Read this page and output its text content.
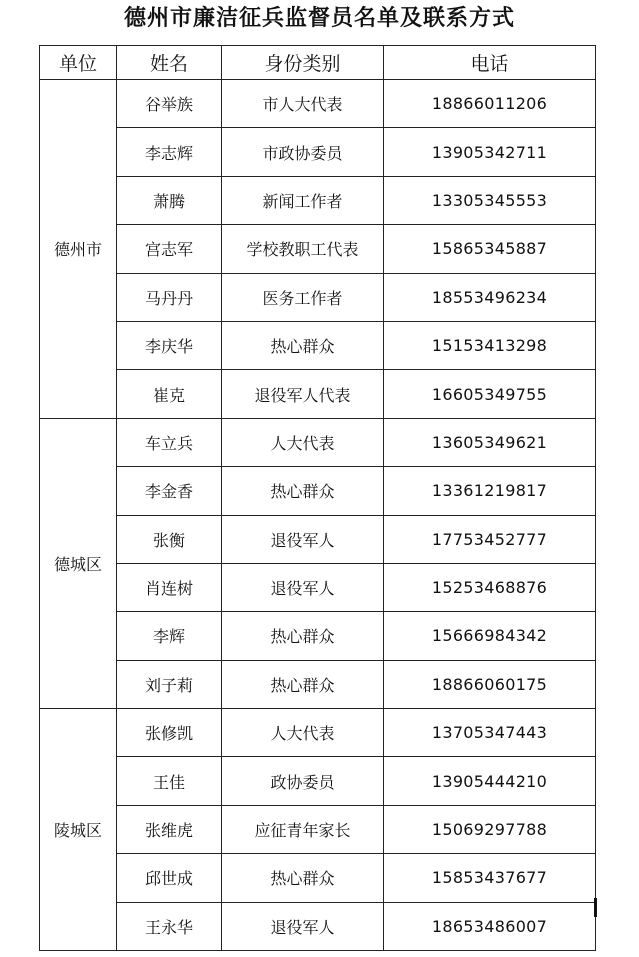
德州市廉洁征兵监督员名单及联系方式
单位	姓名	身份类别	电话
德州市	谷举族	市人大代表	18866011206
	李志辉	市政协委员	13905342711
	萧腾	新闻工作者	13305345553
	宫志军	学校教职工代表	15865345887
	马丹丹	医务工作者	18553496234
	李庆华	热心群众	15153413298
	崔克	退役军人代表	16605349755
德城区	车立兵	人大代表	13605349621
	李金香	热心群众	13361219817
	张衡	退役军人	17753452777
	肖连树	退役军人	15253468876
	李辉	热心群众	15666984342
	刘子莉	热心群众	18866060175
陵城区	张修凯	人大代表	13705347443
	王佳	政协委员	13905444210
	张维虎	应征青年家长	15069297788
	邱世成	热心群众	15853437677
	王永华	退役军人	18653486007
